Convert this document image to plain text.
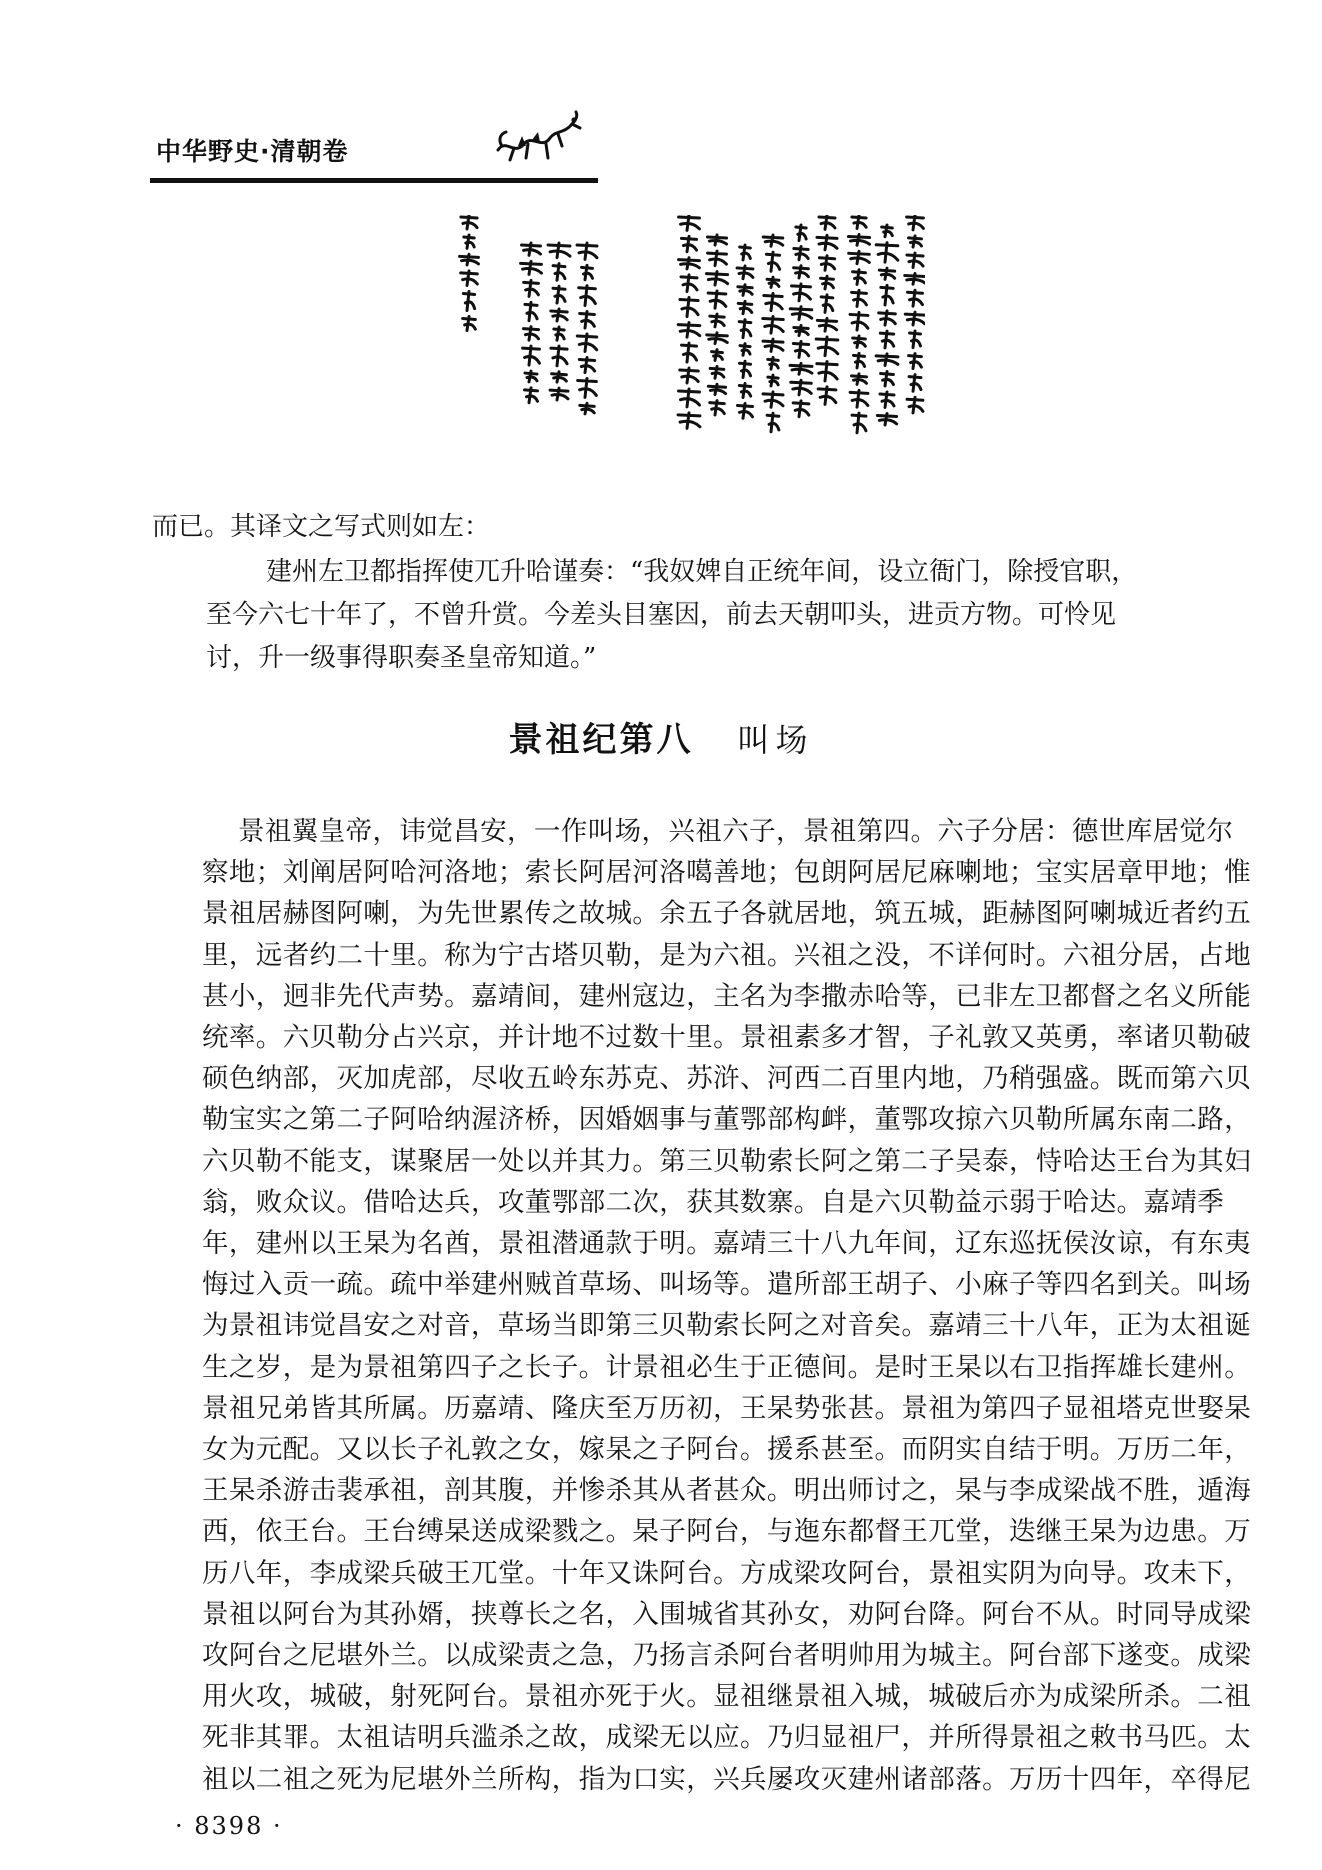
中华野史·清朝卷
而已。其译文之写式则如左：
建州左卫都指挥使兀升哈谨奏：“我奴婢自正统年间，设立衙门，除授官职，
至今六七十年了，不曾升赏。今差头目塞因，前去天朝叩头，进贡方物。可怜见
讨，升一级事得职奏圣皇帝知道。”
景祖纪第八 叫场
景祖翼皇帝，讳觉昌安，一作叫场，兴祖六子，景祖第四。六子分居：德世库居觉尔
察地；刘阐居阿哈河洛地；索长阿居河洛噶善地；包朗阿居尼麻喇地；宝实居章甲地；惟
景祖居赫图阿喇，为先世累传之故城。余五子各就居地，筑五城，距赫图阿喇城近者约五
里，远者约二十里。称为宁古塔贝勒，是为六祖。兴祖之没，不详何时。六祖分居，占地
甚小，迥非先代声势。嘉靖间，建州寇边，主名为李撒赤哈等，已非左卫都督之名义所能
统率。六贝勒分占兴京，并计地不过数十里。景祖素多才智，子礼敦又英勇，率诸贝勒破
硕色纳部，灭加虎部，尽收五岭东苏克、苏浒、河西二百里内地，乃稍强盛。既而第六贝
勒宝实之第二子阿哈纳渥济桥，因婚姻事与董鄂部构衅，董鄂攻掠六贝勒所属东南二路，
六贝勒不能支，谋聚居一处以并其力。第三贝勒索长阿之第二子吴泰，恃哈达王台为其妇
翁，败众议。借哈达兵，攻董鄂部二次，获其数寨。自是六贝勒益示弱于哈达。嘉靖季
年，建州以王杲为名酋，景祖潜通款于明。嘉靖三十八九年间，辽东巡抚侯汝谅，有东夷
悔过入贡一疏。疏中举建州贼首草场、叫场等。遣所部王胡子、小麻子等四名到关。叫场
为景祖讳觉昌安之对音，草场当即第三贝勒索长阿之对音矣。嘉靖三十八年，正为太祖诞
生之岁，是为景祖第四子之长子。计景祖必生于正德间。是时王杲以右卫指挥雄长建州。
景祖兄弟皆其所属。历嘉靖、隆庆至万历初，王杲势张甚。景祖为第四子显祖塔克世娶杲
女为元配。又以长子礼敦之女，嫁杲之子阿台。援系甚至。而阴实自结于明。万历二年，
王杲杀游击裴承祖，剖其腹，并惨杀其从者甚众。明出师讨之，杲与李成梁战不胜，遁海
西，依王台。王台缚杲送成梁戮之。杲子阿台，与迤东都督王兀堂，迭继王杲为边患。万
历八年，李成梁兵破王兀堂。十年又诛阿台。方成梁攻阿台，景祖实阴为向导。攻未下，
景祖以阿台为其孙婿，挟尊长之名，入围城省其孙女，劝阿台降。阿台不从。时同导成梁
攻阿台之尼堪外兰。以成梁责之急，乃扬言杀阿台者明帅用为城主。阿台部下遂变。成梁
用火攻，城破，射死阿台。景祖亦死于火。显祖继景祖入城，城破后亦为成梁所杀。二祖
死非其罪。太祖诘明兵滥杀之故，成梁无以应。乃归显祖尸，并所得景祖之敕书马匹。太
祖以二祖之死为尼堪外兰所构，指为口实，兴兵屡攻灭建州诸部落。万历十四年，卒得尼
· 8398 ·
